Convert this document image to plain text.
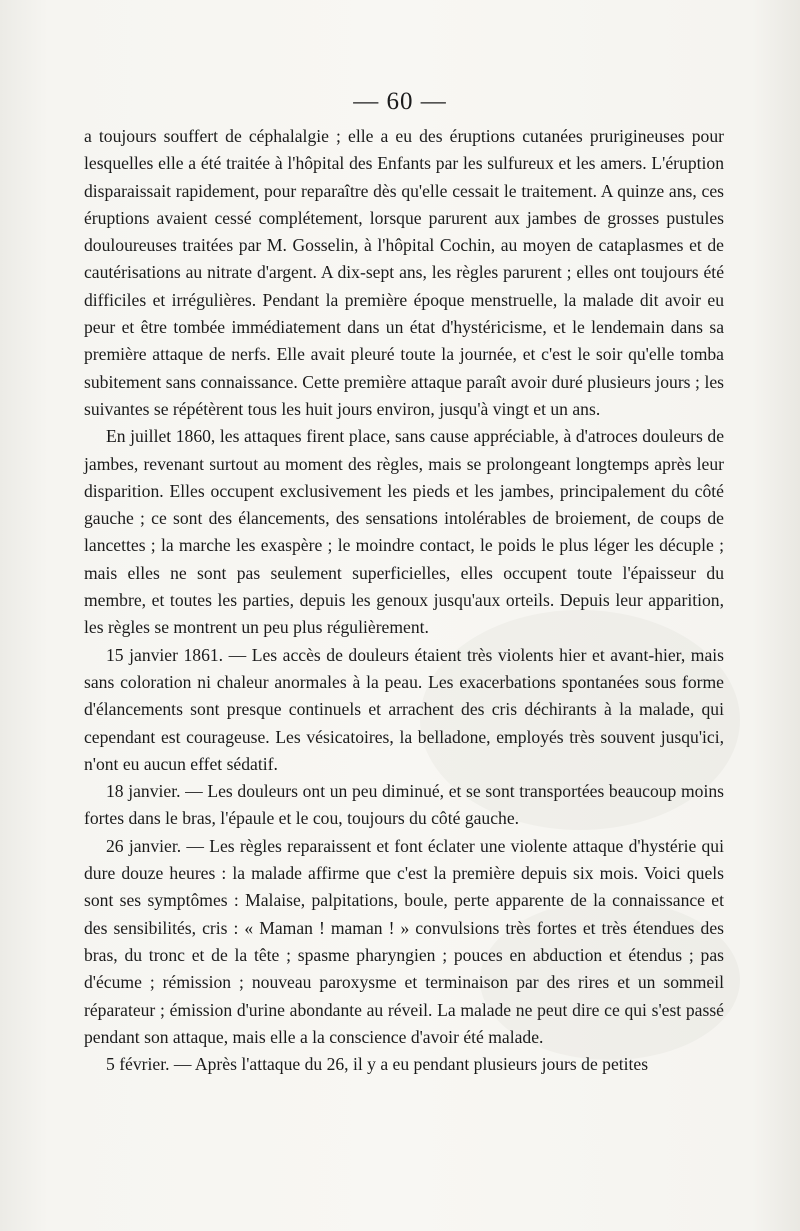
— 60 —

a toujours souffert de céphalalgie ; elle a eu des éruptions cutanées prurigineuses pour lesquelles elle a été traitée à l'hôpital des Enfants par les sulfureux et les amers. L'éruption disparaissait rapidement, pour reparaître dès qu'elle cessait le traitement. A quinze ans, ces éruptions avaient cessé complétement, lorsque parurent aux jambes de grosses pustules douloureuses traitées par M. Gosselin, à l'hôpital Cochin, au moyen de cataplasmes et de cautérisations au nitrate d'argent. A dix-sept ans, les règles parurent ; elles ont toujours été difficiles et irrégulières. Pendant la première époque menstruelle, la malade dit avoir eu peur et être tombée immédiatement dans un état d'hystéricisme, et le lendemain dans sa première attaque de nerfs. Elle avait pleuré toute la journée, et c'est le soir qu'elle tomba subitement sans connaissance. Cette première attaque paraît avoir duré plusieurs jours ; les suivantes se répétèrent tous les huit jours environ, jusqu'à vingt et un ans.

En juillet 1860, les attaques firent place, sans cause appréciable, à d'atroces douleurs de jambes, revenant surtout au moment des règles, mais se prolongeant longtemps après leur disparition. Elles occupent exclusivement les pieds et les jambes, principalement du côté gauche ; ce sont des élancements, des sensations intolérables de broiement, de coups de lancettes ; la marche les exaspère ; le moindre contact, le poids le plus léger les décuple ; mais elles ne sont pas seulement superficielles, elles occupent toute l'épaisseur du membre, et toutes les parties, depuis les genoux jusqu'aux orteils. Depuis leur apparition, les règles se montrent un peu plus régulièrement.

15 janvier 1861. — Les accès de douleurs étaient très violents hier et avant-hier, mais sans coloration ni chaleur anormales à la peau. Les exacerbations spontanées sous forme d'élancements sont presque continuels et arrachent des cris déchirants à la malade, qui cependant est courageuse. Les vésicatoires, la belladone, employés très souvent jusqu'ici, n'ont eu aucun effet sédatif.

18 janvier. — Les douleurs ont un peu diminué, et se sont transportées beaucoup moins fortes dans le bras, l'épaule et le cou, toujours du côté gauche.

26 janvier. — Les règles reparaissent et font éclater une violente attaque d'hystérie qui dure douze heures : la malade affirme que c'est la première depuis six mois. Voici quels sont ses symptômes : Malaise, palpitations, boule, perte apparente de la connaissance et des sensibilités, cris : « Maman ! maman ! » convulsions très fortes et très étendues des bras, du tronc et de la tête ; spasme pharyngien ; pouces en abduction et étendus ; pas d'écume ; rémission ; nouveau paroxysme et terminaison par des rires et un sommeil réparateur ; émission d'urine abondante au réveil. La malade ne peut dire ce qui s'est passé pendant son attaque, mais elle a la conscience d'avoir été malade.

5 février. — Après l'attaque du 26, il y a eu pendant plusieurs jours de petites
